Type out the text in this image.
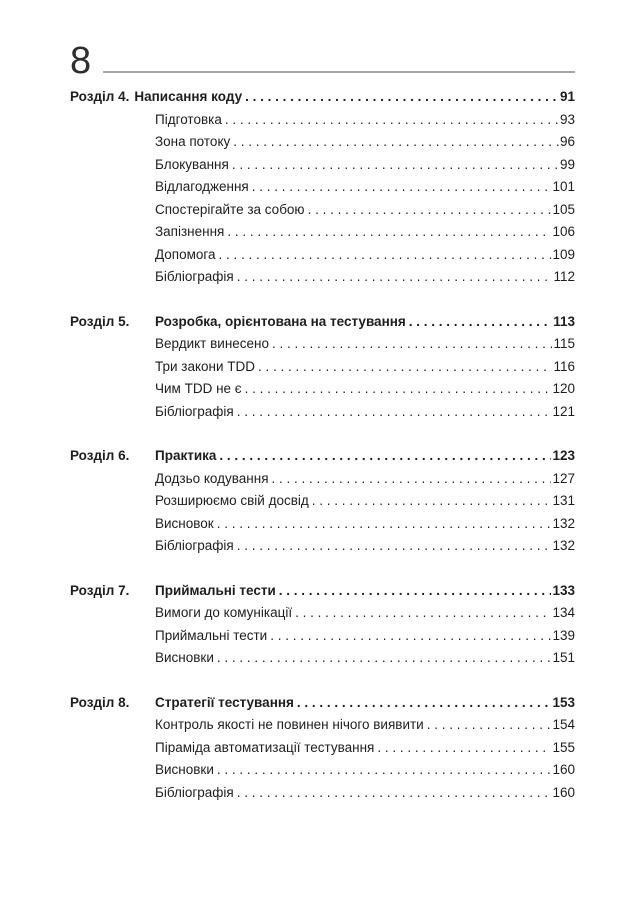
8
Розділ 4. Написання коду . . .	91
Підготовка . . .	93
Зона потоку . . .	96
Блокування . . .	99
Відлагодження . . .	101
Спостерігайте за собою . . .	105
Запізнення . . .	106
Допомога . . .	109
Бібліографія . . .	112
Розділ 5.	Розробка, орієнтована на тестування . . .	113
Вердикт винесено . . .	115
Три закони TDD . . .	116
Чим TDD не є . . .	120
Бібліографія . . .	121
Розділ 6.	Практика . . .	123
Додзьо кодування . . .	127
Розширюємо свій досвід . . .	131
Висновок . . .	132
Бібліографія . . .	132
Розділ 7.	Приймальні тести . . .	133
Вимоги до комунікації . . .	134
Приймальні тести . . .	139
Висновки . . .	151
Розділ 8.	Стратегії тестування . . .	153
Контроль якості не повинен нічого виявити . . .	154
Піраміда автоматизації тестування . . .	155
Висновки . . .	160
Бібліографія . . .	160
